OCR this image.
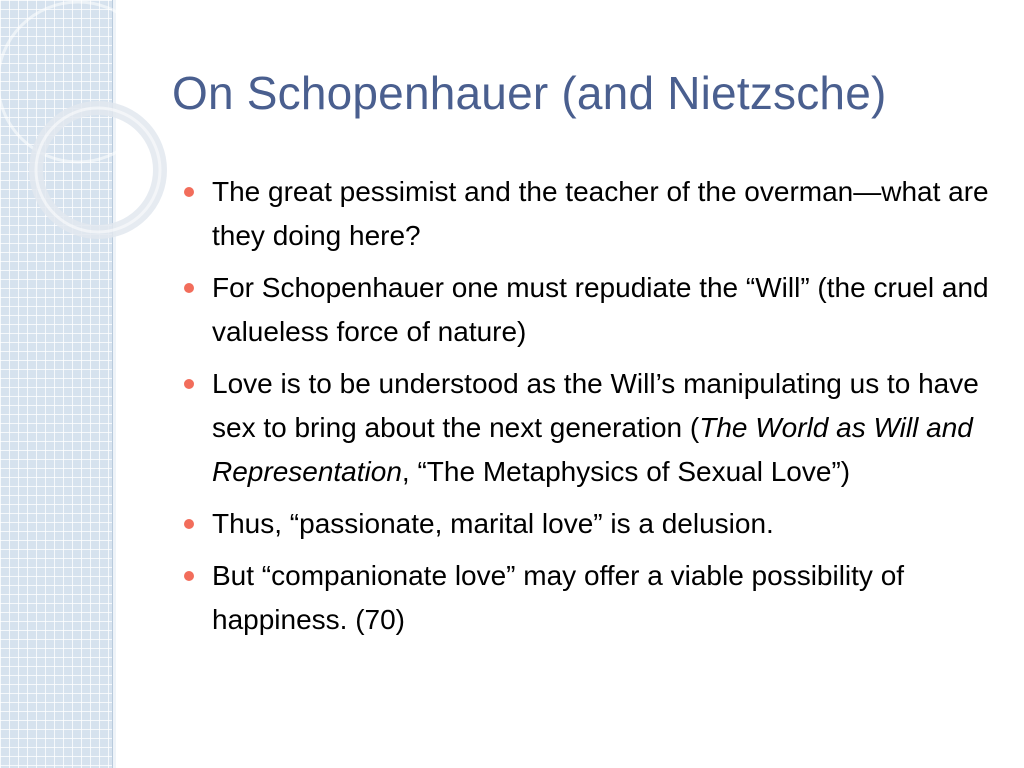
On Schopenhauer (and Nietzsche)
The great pessimist and the teacher of the overman—what are they doing here?
For Schopenhauer one must repudiate the “Will” (the cruel and valueless force of nature)
Love is to be understood as the Will’s manipulating us to have sex to bring about the next generation (The World as Will and Representation, “The Metaphysics of Sexual Love”)
Thus, “passionate, marital love” is a delusion.
But “companionate love” may offer a viable possibility of happiness. (70)
